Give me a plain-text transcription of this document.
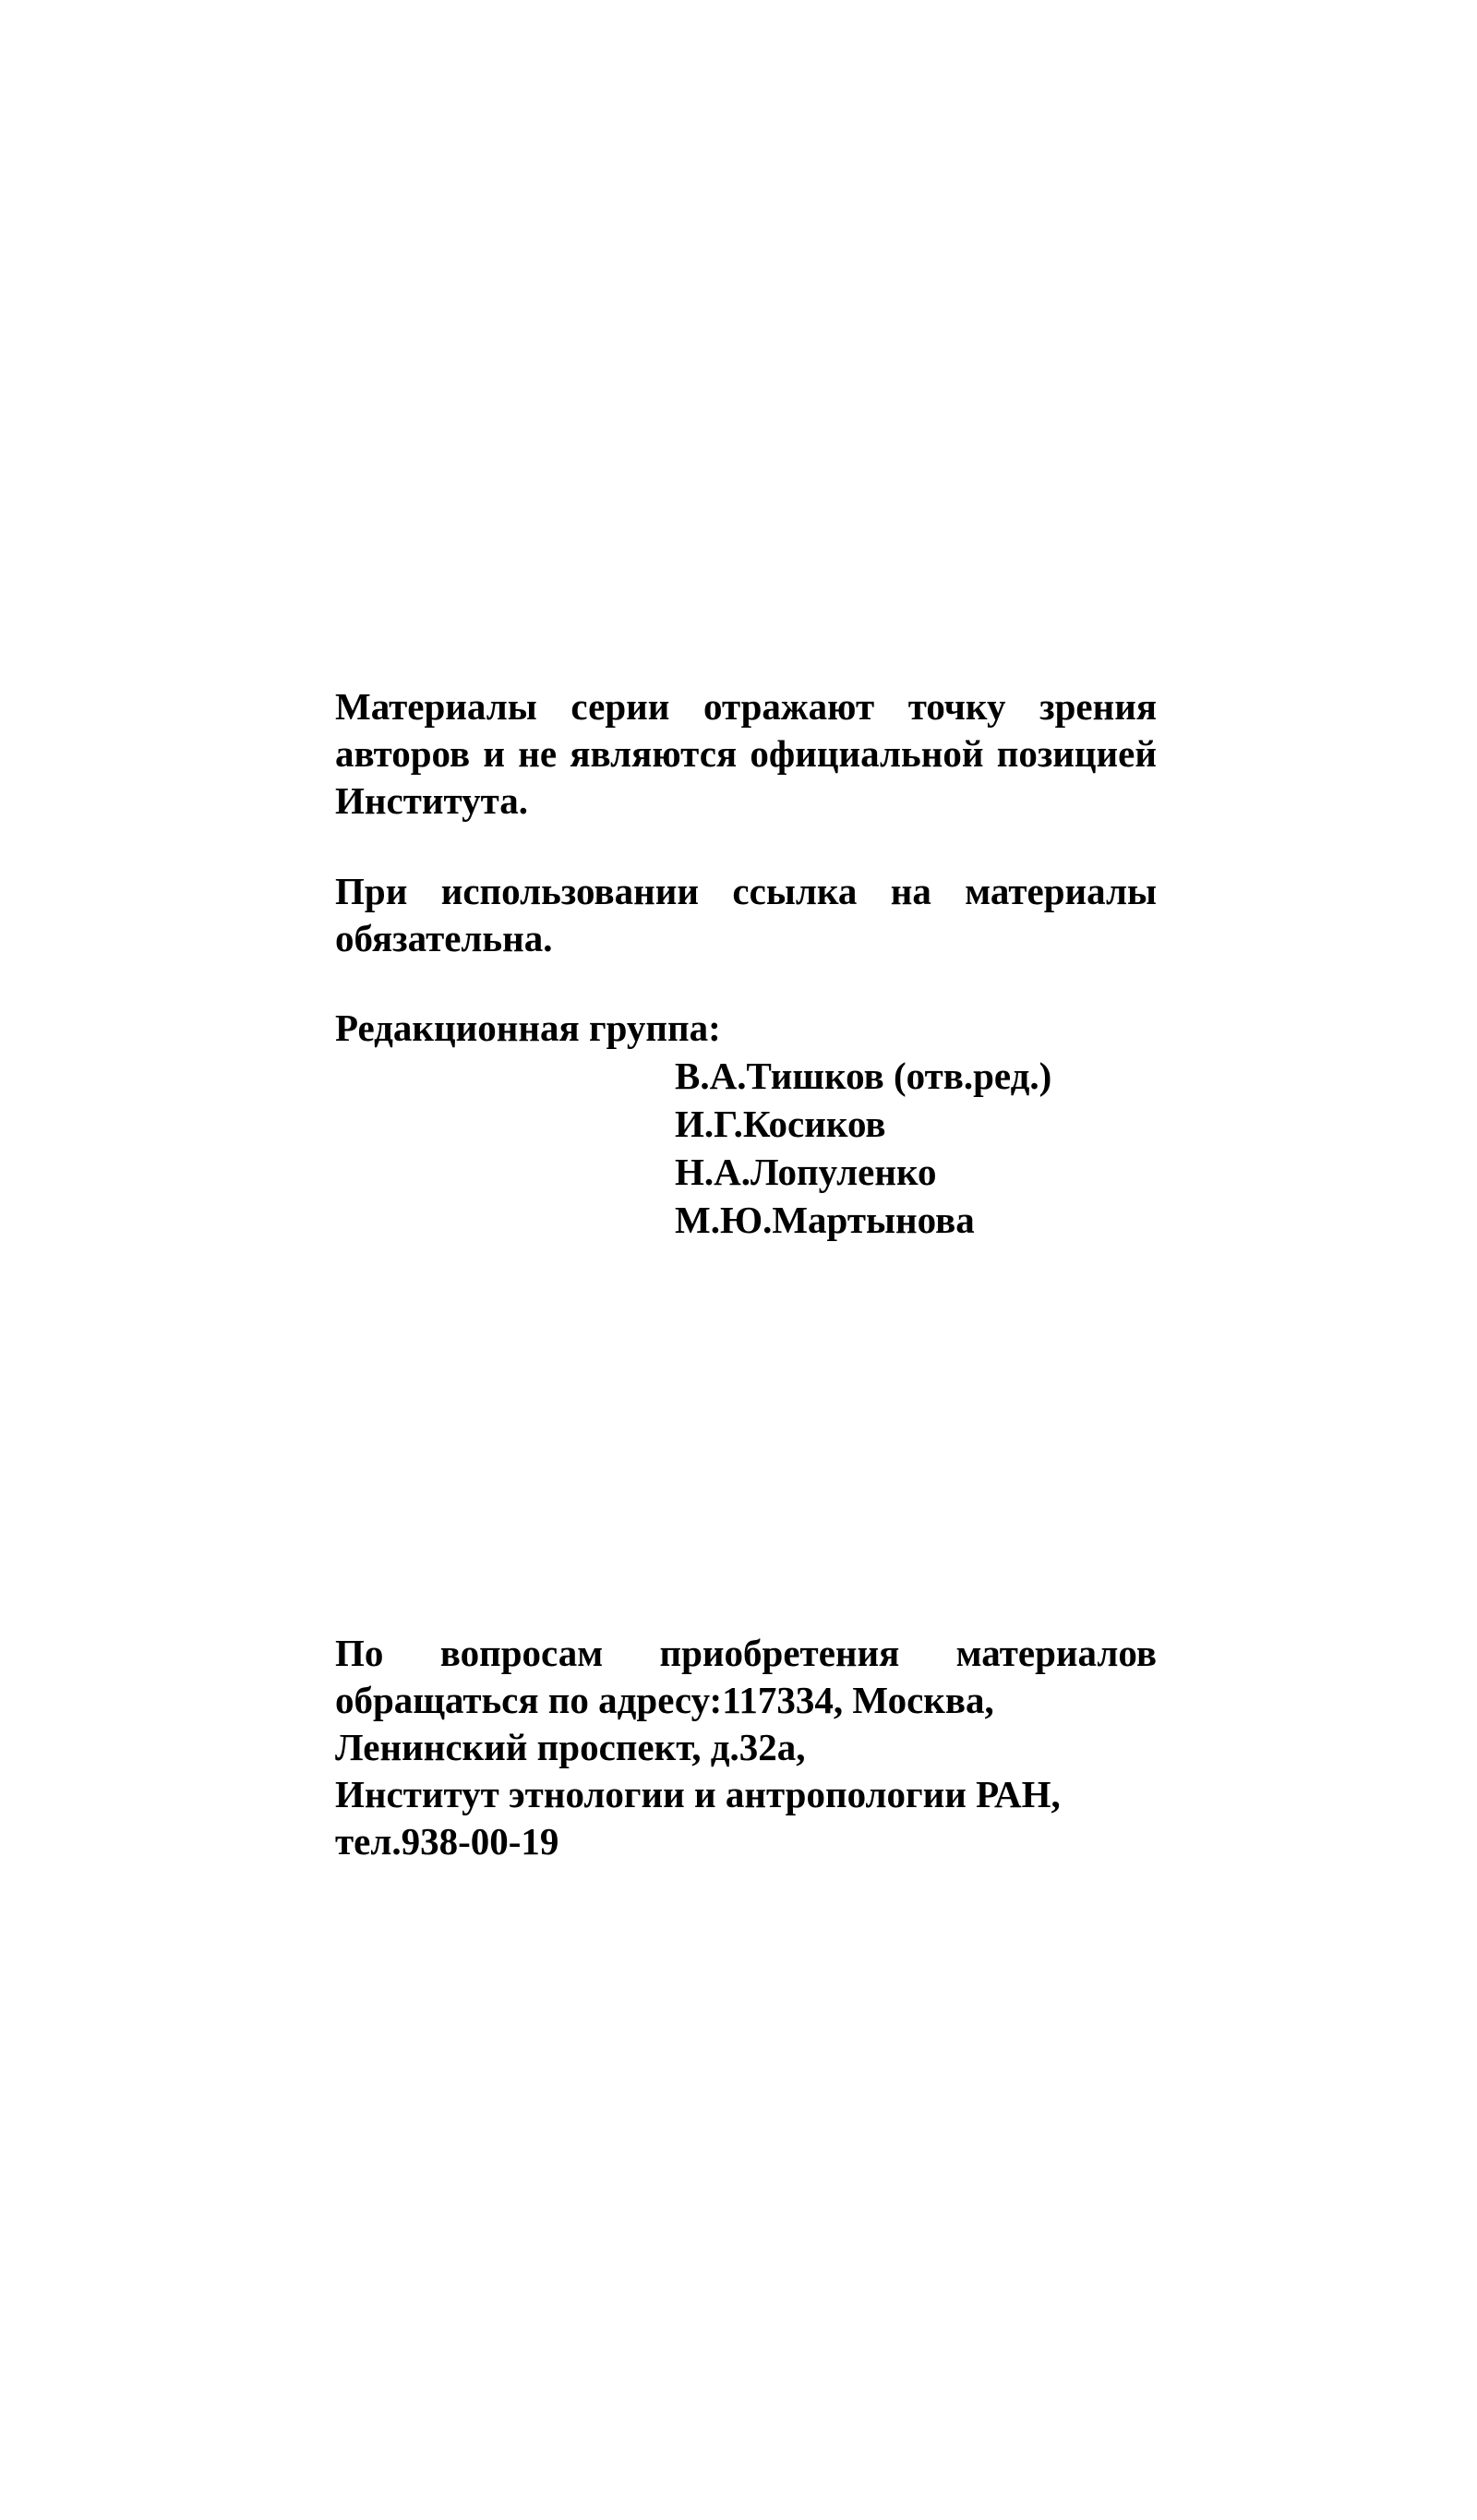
Материалы серии отражают точку зрения авторов и не являются официальной позицией Института.

При использовании ссылка на материалы обязательна.

Редакционная группа:

В.А.Тишков (отв.ред.)
И.Г.Косиков
Н.А.Лопуленко
М.Ю.Мартынова

По вопросам приобретения материалов обращаться по адресу:117334, Москва,

Ленинский проспект, д.32а,
Институт этнологии и антропологии РАН,
тел.938-00-19
